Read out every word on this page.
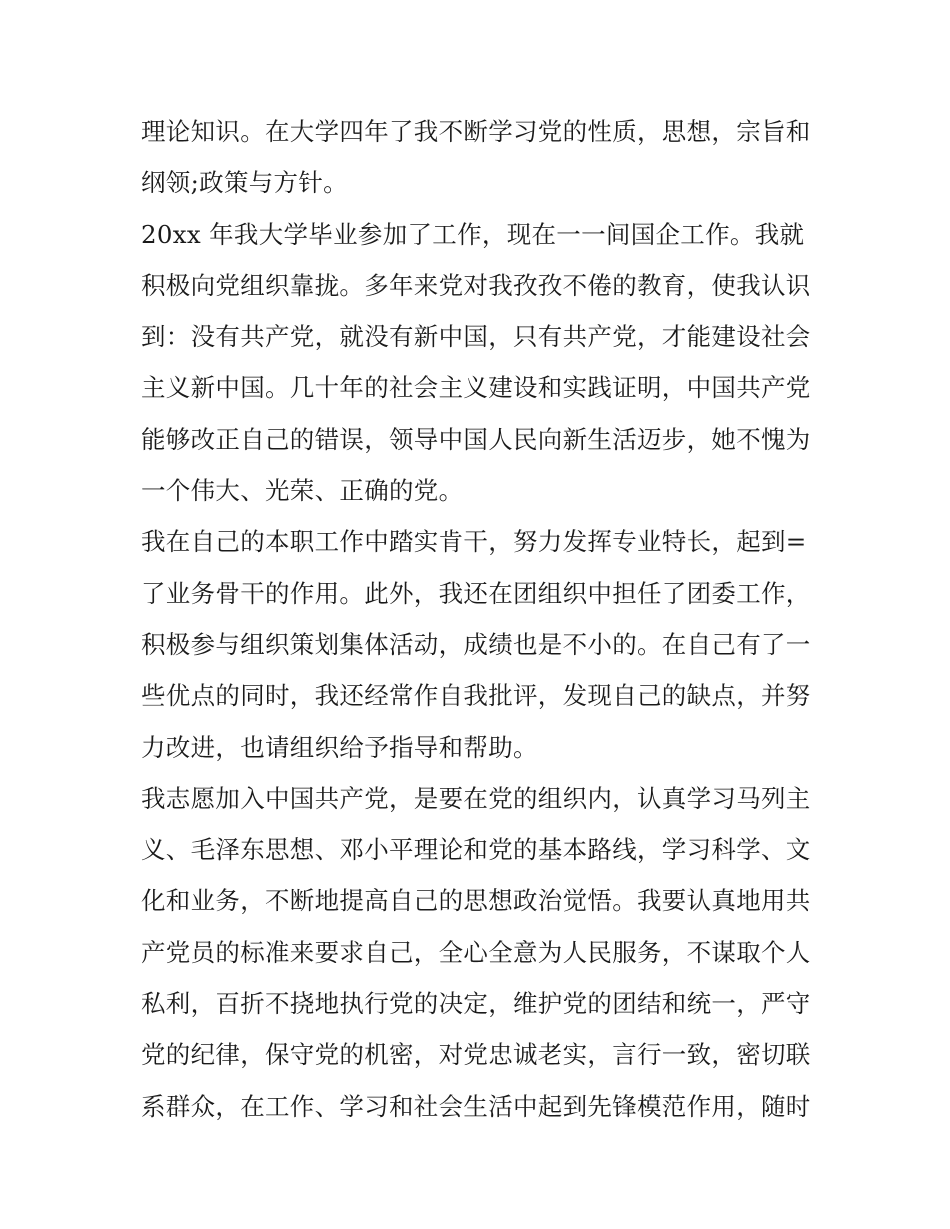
理论知识。在大学四年了我不断学习党的性质，思想，宗旨和
纲领;政策与方针。
20xx 年我大学毕业参加了工作，现在一一间国企工作。我就
积极向党组织靠拢。多年来党对我孜孜不倦的教育，使我认识
到：没有共产党，就没有新中国，只有共产党，才能建设社会
主义新中国。几十年的社会主义建设和实践证明，中国共产党
能够改正自己的错误，领导中国人民向新生活迈步，她不愧为
一个伟大、光荣、正确的党。
我在自己的本职工作中踏实肯干，努力发挥专业特长，起到=
了业务骨干的作用。此外，我还在团组织中担任了团委工作，
积极参与组织策划集体活动，成绩也是不小的。在自己有了一
些优点的同时，我还经常作自我批评，发现自己的缺点，并努
力改进，也请组织给予指导和帮助。
我志愿加入中国共产党，是要在党的组织内，认真学习马列主
义、毛泽东思想、邓小平理论和党的基本路线，学习科学、文
化和业务，不断地提高自己的思想政治觉悟。我要认真地用共
产党员的标准来要求自己，全心全意为人民服务，不谋取个人
私利，百折不挠地执行党的决定，维护党的团结和统一，严守
党的纪律，保守党的机密，对党忠诚老实，言行一致，密切联
系群众，在工作、学习和社会生活中起到先锋模范作用，随时
